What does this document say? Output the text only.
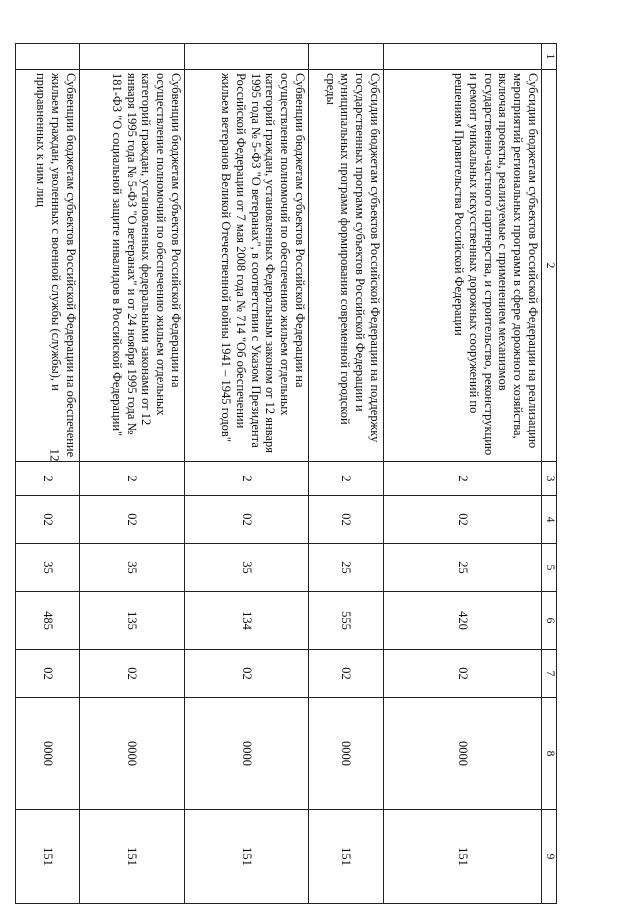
12
1	2	3	4	5	6	7	8	9
	Субсидии бюджетам субъектов Российской Федерации на реализацию мероприятий региональных программ в сфере дорожного хозяйства, включая проекты, реализуемые с применением механизмов государственно-частного партнерства, и строительство, реконструкцию и ремонт уникальных искусственных дорожных сооружений по решениям Правительства Российской Федерации	2	02	25	420	02	0000	151
	Субсидии бюджетам субъектов Российской Федерации на поддержку государственных программ субъектов Российской Федерации и муниципальных программ формирования современной городской среды	2	02	25	555	02	0000	151
	Субвенции бюджетам субъектов Российской Федерации на осуществление полномочий по обеспечению жильем отдельных категорий граждан, установленных Федеральным законом от 12 января 1995 года № 5-ФЗ "О ветеранах", в соответствии с Указом Президента Российской Федерации от 7 мая 2008 года № 714 "Об обеспечении жильем ветеранов Великой Отечественной войны 1941 – 1945 годов"	2	02	35	134	02	0000	151
	Субвенции бюджетам субъектов Российской Федерации на осуществление полномочий по обеспечению жильем отдельных категорий граждан, установленных федеральными законами от 12 января 1995 года № 5-ФЗ "О ветеранах" и от 24 ноября 1995 года № 181-ФЗ "О социальной защите инвалидов в Российской Федерации"	2	02	35	135	02	0000	151
	Субвенции бюджетам субъектов Российской Федерации на обеспечение жильем граждан, уволенных с военной службы (службы), и приравненных к ним лиц	2	02	35	485	02	0000	151
